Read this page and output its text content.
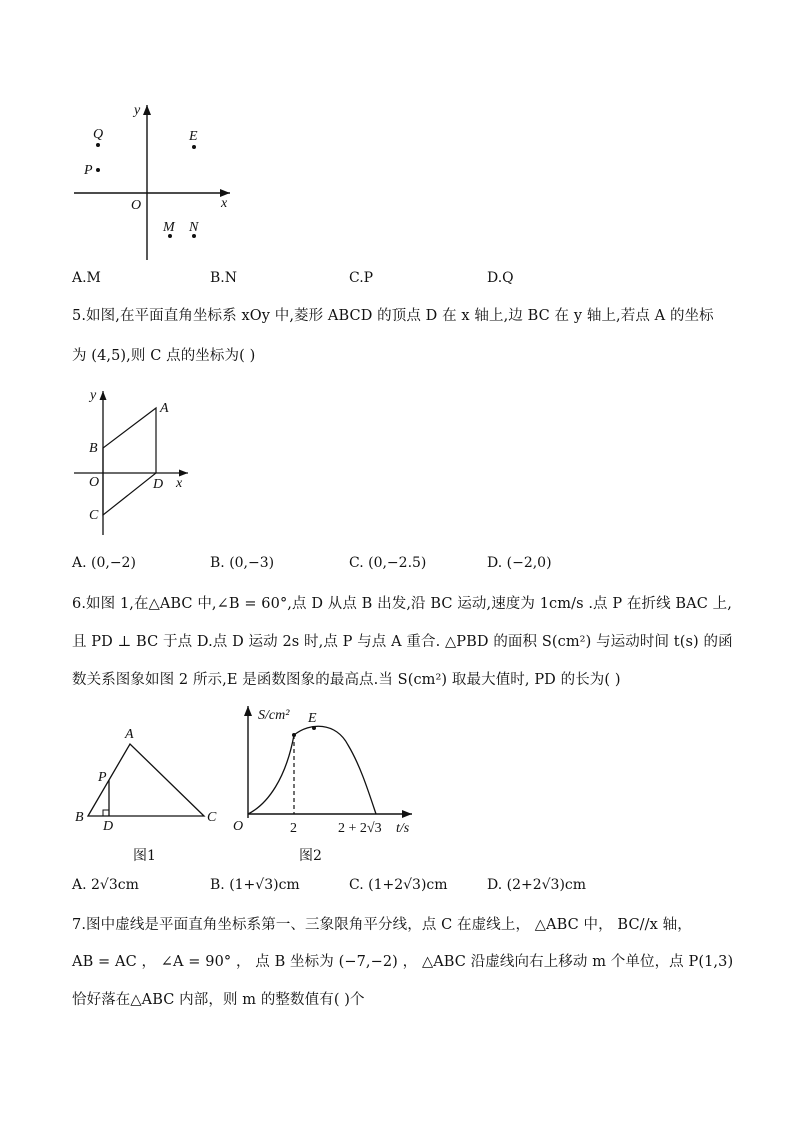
y
x
O
Q
P
E
M N
A.M	B.N	C.P	D.Q
5.如图,在平面直角坐标系 xOy 中,菱形 ABCD 的顶点 D 在 x 轴上,边 BC 在 y 轴上,若点 A 的坐标
为 (4,5),则 C 点的坐标为( )
y
A
B
O	D x
C
A. (0,−2)	B. (0,−3)	C. (0,−2.5)	D. (−2,0)
6.如图 1,在△ABC 中,∠B = 60°,点 D 从点 B 出发,沿 BC 运动,速度为 1cm/s .点 P 在折线 BAC 上,
且 PD ⊥ BC 于点 D.点 D 运动 2s 时,点 P 与点 A 重合. △PBD 的面积 S(cm²) 与运动时间 t(s) 的函
数关系图象如图 2 所示,E 是函数图象的最高点.当 S(cm²) 取最大值时, PD 的长为( )
A
P
B
D
C
图1
S/cm² E
O	2	2 + 2√3 t/s
图2
A. 2√3cm	B. (1+√3)cm	C. (1+2√3)cm	D. (2+2√3)cm
7.图中虚线是平面直角坐标系第一、三象限角平分线，点 C 在虚线上， △ABC 中， BC//x 轴，
AB = AC ， ∠A = 90° ， 点 B 坐标为 (−7,−2) ， △ABC 沿虚线向右上移动 m 个单位，点 P(1,3)
恰好落在△ABC 内部，则 m 的整数值有( )个
